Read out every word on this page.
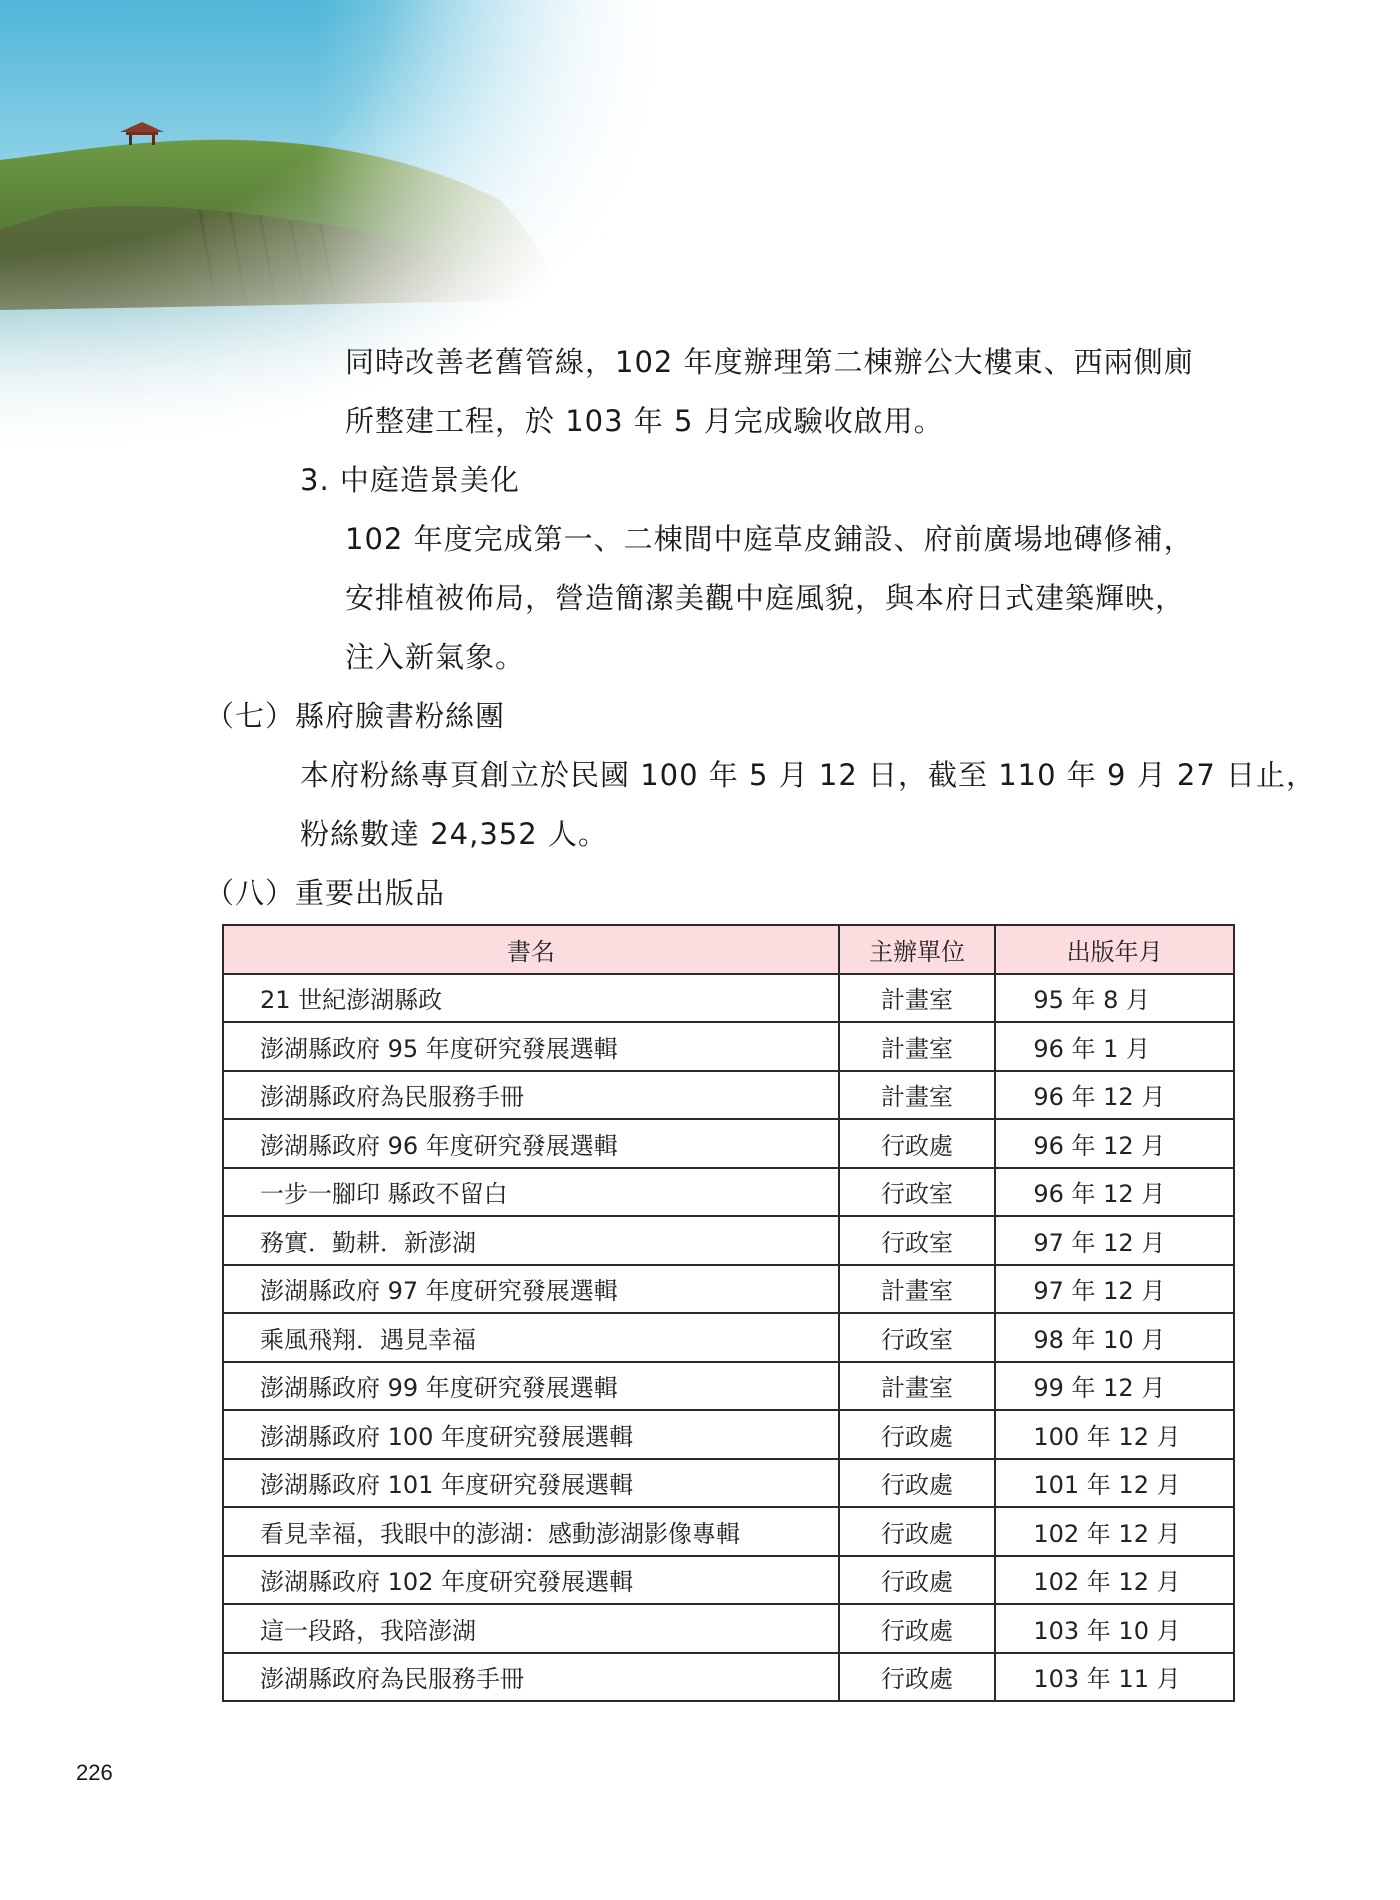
同時改善老舊管線，102 年度辦理第二棟辦公大樓東、西兩側廁
所整建工程，於 103 年 5 月完成驗收啟用。
3. 中庭造景美化
102 年度完成第一、二棟間中庭草皮鋪設、府前廣場地磚修補，
安排植被佈局，營造簡潔美觀中庭風貌，與本府日式建築輝映，
注入新氣象。
（七）縣府臉書粉絲團
本府粉絲專頁創立於民國 100 年 5 月 12 日，截至 110 年 9 月 27 日止，
粉絲數達 24,352 人。
（八）重要出版品
書名	主辦單位	出版年月
21 世紀澎湖縣政	計畫室	95 年 8 月
澎湖縣政府 95 年度研究發展選輯	計畫室	96 年 1 月
澎湖縣政府為民服務手冊	計畫室	96 年 12 月
澎湖縣政府 96 年度研究發展選輯	行政處	96 年 12 月
一步一腳印 縣政不留白	行政室	96 年 12 月
務實．勤耕．新澎湖	行政室	97 年 12 月
澎湖縣政府 97 年度研究發展選輯	計畫室	97 年 12 月
乘風飛翔．遇見幸福	行政室	98 年 10 月
澎湖縣政府 99 年度研究發展選輯	計畫室	99 年 12 月
澎湖縣政府 100 年度研究發展選輯	行政處	100 年 12 月
澎湖縣政府 101 年度研究發展選輯	行政處	101 年 12 月
看見幸福，我眼中的澎湖：感動澎湖影像專輯	行政處	102 年 12 月
澎湖縣政府 102 年度研究發展選輯	行政處	102 年 12 月
這一段路，我陪澎湖	行政處	103 年 10 月
澎湖縣政府為民服務手冊	行政處	103 年 11 月
226
